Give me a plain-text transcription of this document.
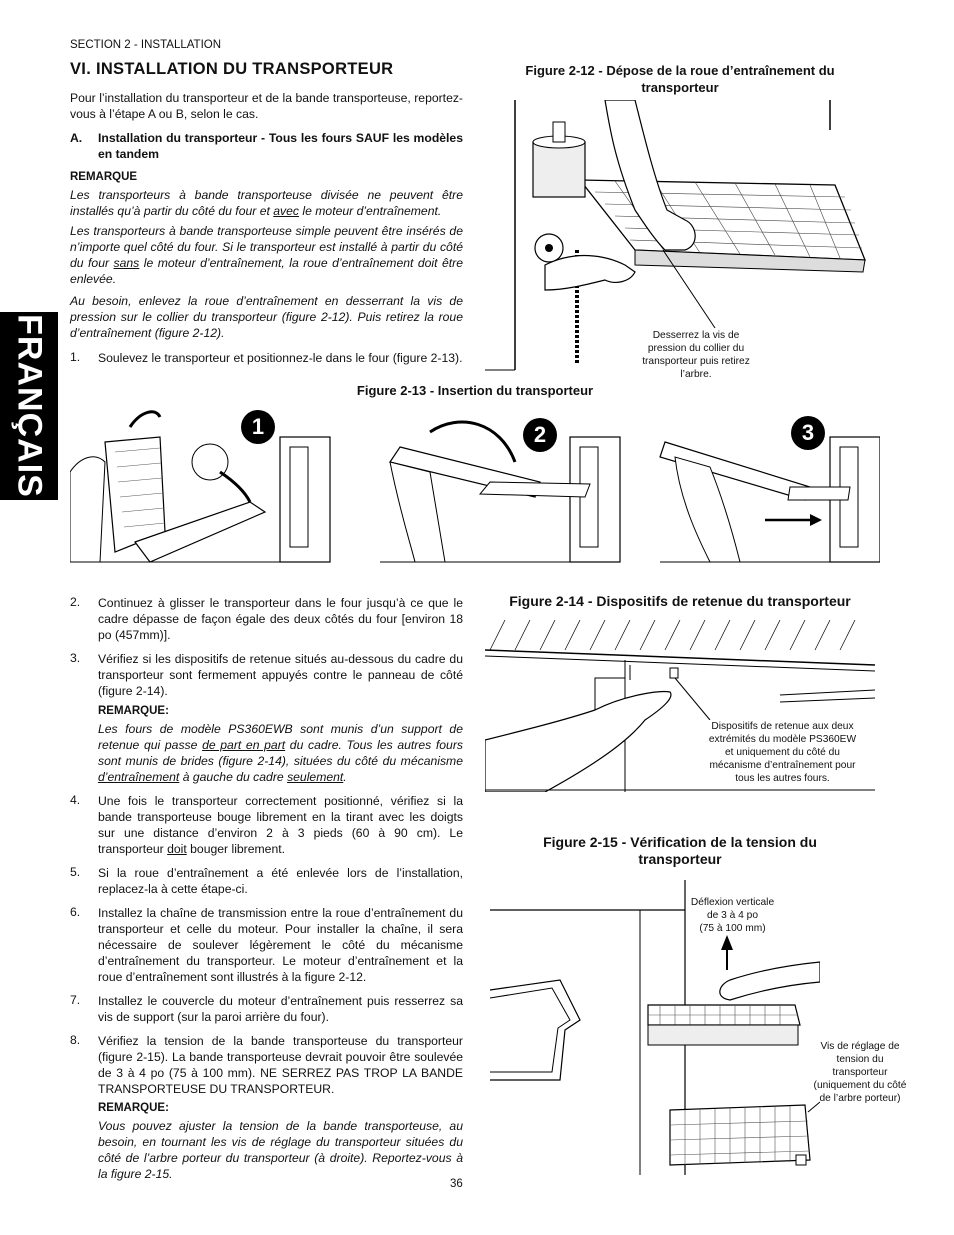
FRANÇAIS
SECTION 2 - INSTALLATION
VI. INSTALLATION DU TRANSPORTEUR
Pour l’installation du transporteur et de la bande transporteuse, reportez-vous à l’étape A ou B, selon le cas.
A.	Installation du transporteur - Tous les fours SAUF les modèles en tandem
REMARQUE
Les transporteurs à bande transporteuse divisée ne peuvent être installés qu’à partir du côté du four et avec le moteur d’entraînement.
Les transporteurs à bande transporteuse simple peuvent être insérés de n’importe quel côté du four. Si le transporteur est installé à partir du côté du four sans le moteur d’entraînement, la roue d’entraînement doit être enlevée.
Au besoin, enlevez la roue d’entraînement en desserrant la vis de pression sur le collier du transporteur (figure 2-12). Puis retirez la roue d’entraînement (figure 2-12).
1. Soulevez le transporteur et positionnez-le dans le four (figure 2-13).
Figure 2-12 - Dépose de la roue d’entraînement du
transporteur
Desserrez la vis de
pression du collier du
transporteur puis retirez
l’arbre.
Figure 2-13 - Insertion du transporteur
1	2	3
2. Continuez à glisser le transporteur dans le four jusqu’à ce que le cadre dépasse de façon égale des deux côtés du four [environ 18 po (457mm)].
3. Vérifiez si les dispositifs de retenue situés au-dessous du cadre du transporteur sont fermement appuyés contre le panneau de côté (figure 2-14).
REMARQUE:
Les fours de modèle PS360EWB sont munis d’un support de retenue qui passe de part en part du cadre. Tous les autres fours sont munis de brides (figure 2-14), situées du côté du mécanisme d’entraînement à gauche du cadre seulement.
4. Une fois le transporteur correctement positionné, vérifiez si la bande transporteuse bouge librement en la tirant avec les doigts sur une distance d’environ 2 à 3 pieds (60 à 90 cm). Le transporteur doit bouger librement.
5. Si la roue d’entraînement a été enlevée lors de l’installation, replacez-la à cette étape-ci.
6. Installez la chaîne de transmission entre la roue d’entraînement du transporteur et celle du moteur. Pour installer la chaîne, il sera nécessaire de soulever légèrement le côté du mécanisme d’entraînement du transporteur. Le moteur d’entraînement et la roue d’entraînement sont illustrés à la figure 2-12.
7. Installez le couvercle du moteur d’entraînement puis resserrez sa vis de support (sur la paroi arrière du four).
8. Vérifiez la tension de la bande transporteuse du transporteur (figure 2-15). La bande transporteuse devrait pouvoir être soulevée de 3 à 4 po (75 à 100 mm). NE SERREZ PAS TROP LA BANDE TRANSPORTEUSE DU TRANSPORTEUR.
REMARQUE:
Vous pouvez ajuster la tension de la bande transporteuse, au besoin, en tournant les vis de réglage du transporteur situées du côté de l’arbre porteur du transporteur (à droite). Reportez-vous à la figure 2-15.
Figure 2-14 - Dispositifs de retenue du transporteur
Dispositifs de retenue aux deux
extrémités du modèle PS360EW
et uniquement du côté du
mécanisme d’entraînement pour
tous les autres fours.
Figure 2-15 - Vérification de la tension du
transporteur
Déflexion verticale
de 3 à 4 po
(75 à 100 mm)
Vis de réglage de
tension du
transporteur
(uniquement du côté
de l’arbre porteur)
36
